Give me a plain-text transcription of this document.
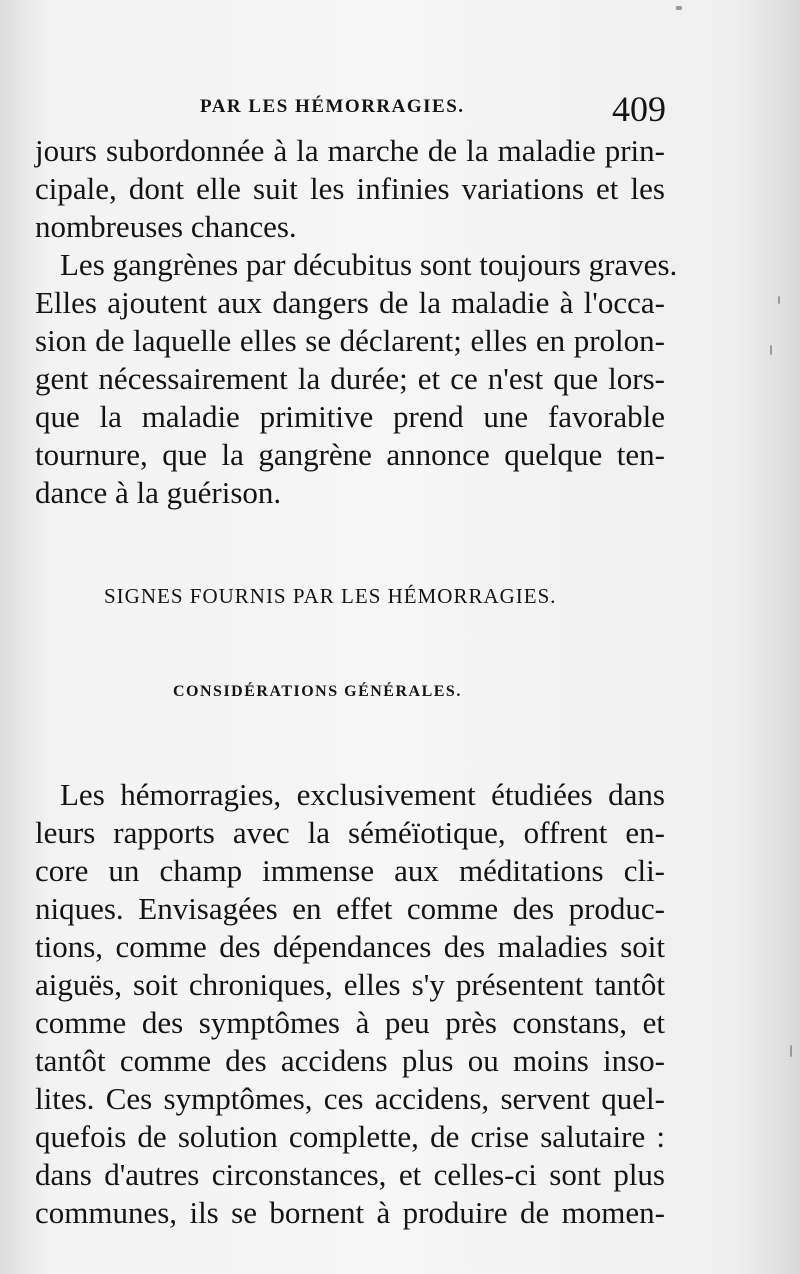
PAR LES HÉMORRAGIES.	409
jours subordonnée à la marche de la maladie prin-
cipale, dont elle suit les infinies variations et les
nombreuses chances.
Les gangrènes par décubitus sont toujours graves.
Elles ajoutent aux dangers de la maladie à l'occa-
sion de laquelle elles se déclarent; elles en prolon-
gent nécessairement la durée; et ce n'est que lors-
que la maladie primitive prend une favorable
tournure, que la gangrène annonce quelque ten-
dance à la guérison.
SIGNES FOURNIS PAR LES HÉMORRAGIES.
CONSIDÉRATIONS GÉNÉRALES.
Les hémorragies, exclusivement étudiées dans
leurs rapports avec la séméïotique, offrent en-
core un champ immense aux méditations cli-
niques. Envisagées en effet comme des produc-
tions, comme des dépendances des maladies soit
aiguës, soit chroniques, elles s'y présentent tantôt
comme des symptômes à peu près constans, et
tantôt comme des accidens plus ou moins inso-
lites. Ces symptômes, ces accidens, servent quel-
quefois de solution complette, de crise salutaire :
dans d'autres circonstances, et celles-ci sont plus
communes, ils se bornent à produire de momen-
